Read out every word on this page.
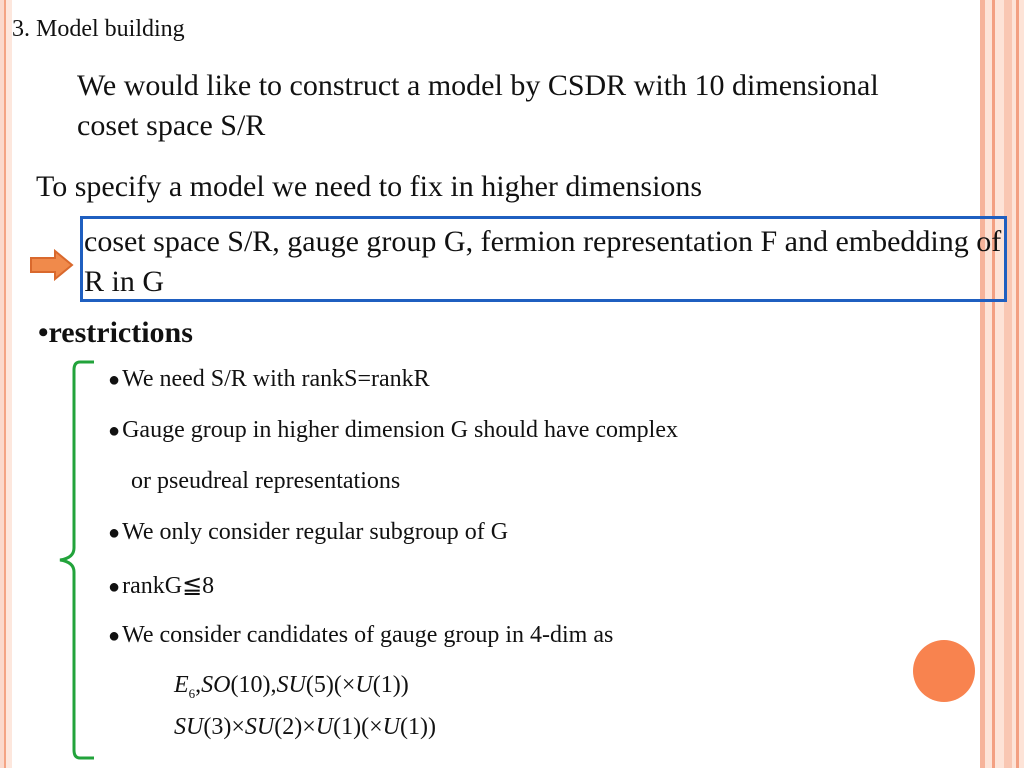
3. Model building
We would like to construct a model by CSDR with 10 dimensional coset space S/R
To specify a model we need to fix in higher dimensions
coset space S/R, gauge group G, fermion representation F and embedding of R in G
•restrictions
●We need S/R with rankS=rankR
●Gauge group in higher dimension G should have complex
or pseudreal representations
●We only consider regular subgroup of G
●rankG≦8
●We consider candidates of gauge group in 4-dim as
$E_6,SO(10),SU(5)(\times U(1))$
SU(3)×SU(2)×U(1)(×U(1))
